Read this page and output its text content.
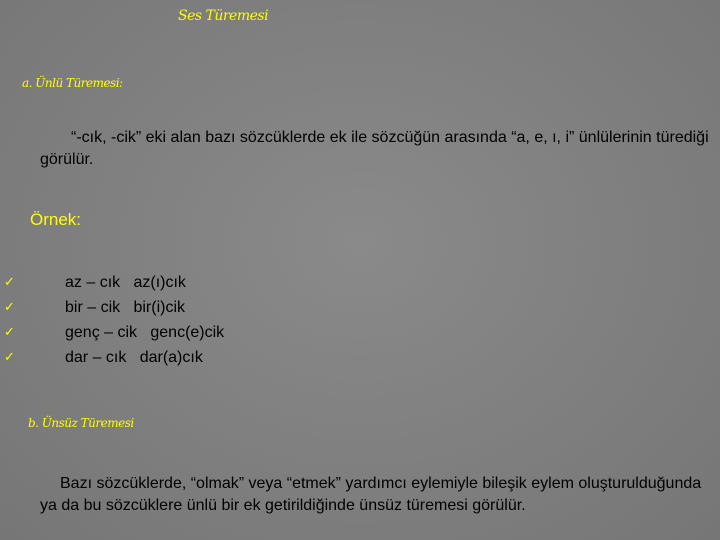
Ses Türemesi
a. Ünlü Türemesi:
“-cık, -cik” eki alan bazı sözcüklerde ek ile sözcüğün arasında “a, e, ı, i” ünlülerinin türediği görülür.
Örnek:
✓	az – cık   az(ı)cık
✓	bir – cik   bir(i)cik
✓	genç – cik   genc(e)cik
✓	dar – cık   dar(a)cık
b. Ünsüz Türemesi
Bazı sözcüklerde, “olmak” veya “etmek” yardımcı eylemiyle bileşik eylem oluşturulduğunda ya da bu sözcüklere ünlü bir ek getirildiğinde ünsüz türemesi görülür.
